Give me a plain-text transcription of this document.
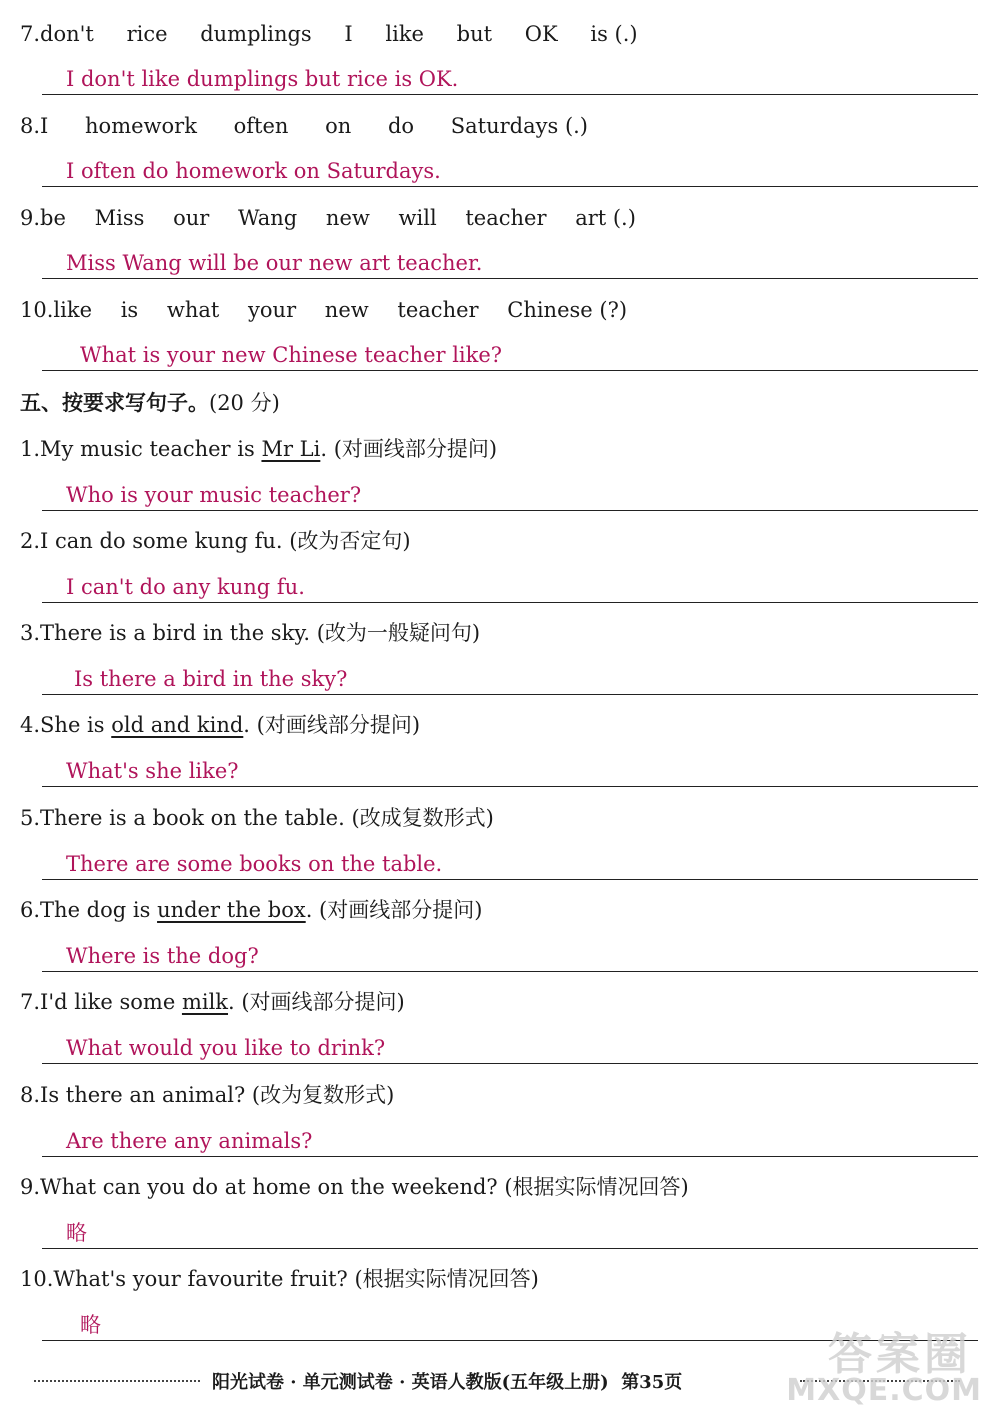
7.don't rice dumplings I like but OK is (.)
I don't like dumplings but rice is OK.
8.I homework often on do Saturdays (.)
I often do homework on Saturdays.
9.be Miss our Wang new will teacher art (.)
Miss Wang will be our new art teacher.
10.like is what your new teacher Chinese (?)
What is your new Chinese teacher like?
五、按要求写句子。(20 分)
1.My music teacher is Mr Li. (对画线部分提问)
Who is your music teacher?
2.I can do some kung fu. (改为否定句)
I can't do any kung fu.
3.There is a bird in the sky. (改为一般疑问句)
Is there a bird in the sky?
4.She is old and kind. (对画线部分提问)
What's she like?
5.There is a book on the table. (改成复数形式)
There are some books on the table.
6.The dog is under the box. (对画线部分提问)
Where is the dog?
7.I'd like some milk. (对画线部分提问)
What would you like to drink?
8.Is there an animal? (改为复数形式)
Are there any animals?
9.What can you do at home on the weekend? (根据实际情况回答)
略
10.What's your favourite fruit? (根据实际情况回答)
略
阳光试卷 · 单元测试卷 · 英语人教版(五年级上册) 第35页
答案圈
MXQE.COM
